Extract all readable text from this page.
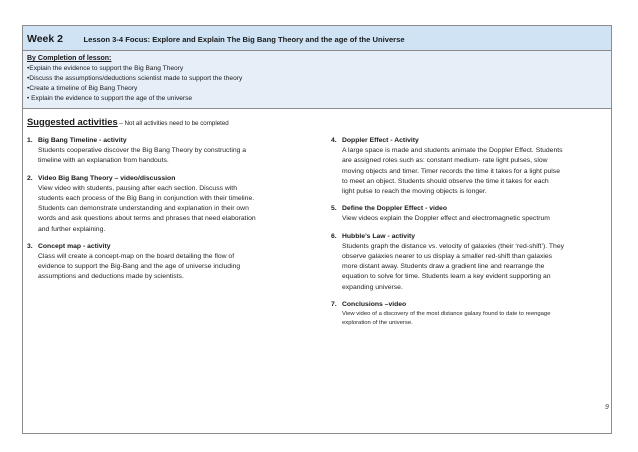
Week 2	Lesson 3-4 Focus: Explore and Explain The Big Bang Theory and the age of the Universe

By Completion of lesson:
•Explain the evidence to support the Big Bang Theory
•Discuss the assumptions/deductions scientist made to support the theory
•Create a timeline of Big Bang Theory
• Explain the evidence to support the age of the universe

Suggested activities – Not all activities need to be completed
1. Big Bang Timeline - activity
Students cooperative discover the Big Bang Theory by constructing a
timeline with an explanation from handouts.
2. Video Big Bang Theory – video/discussion
View video with students, pausing after each section. Discuss with
students each process of the Big Bang in conjunction with their timeline.
Students can demonstrate understanding and explanation in their own
words and ask questions about terms and phrases that need elaboration
and further explaining.
3. Concept map - activity
Class will create a concept-map on the board detailing the flow of
evidence to support the Big-Bang and the age of universe including
assumptions and deductions made by scientists.
4. Doppler Effect - Activity
A large space is made and students animate the Doppler Effect. Students
are assigned roles such as: constant medium- rate light pulses, slow
moving objects and timer. Timer records the time it takes for a light pulse
to meet an object. Students should observe the time it takes for each
light pulse to reach the moving objects is longer.
5. Define the Doppler Effect - video
View videos explain the Doppler effect and electromagnetic spectrum
6. Hubble’s Law - activity
Students graph the distance vs. velocity of galaxies (their ‘red-shift’). They
observe galaxies nearer to us display a smaller red-shift than galaxies
more distant away. Students draw a gradient line and rearrange the
equation to solve for time. Students learn a key evident supporting an
expanding universe.
7. Conclusions –video
View video of a discovery of the most distance galaxy found to date to reengage
exploration of the universe.
9
